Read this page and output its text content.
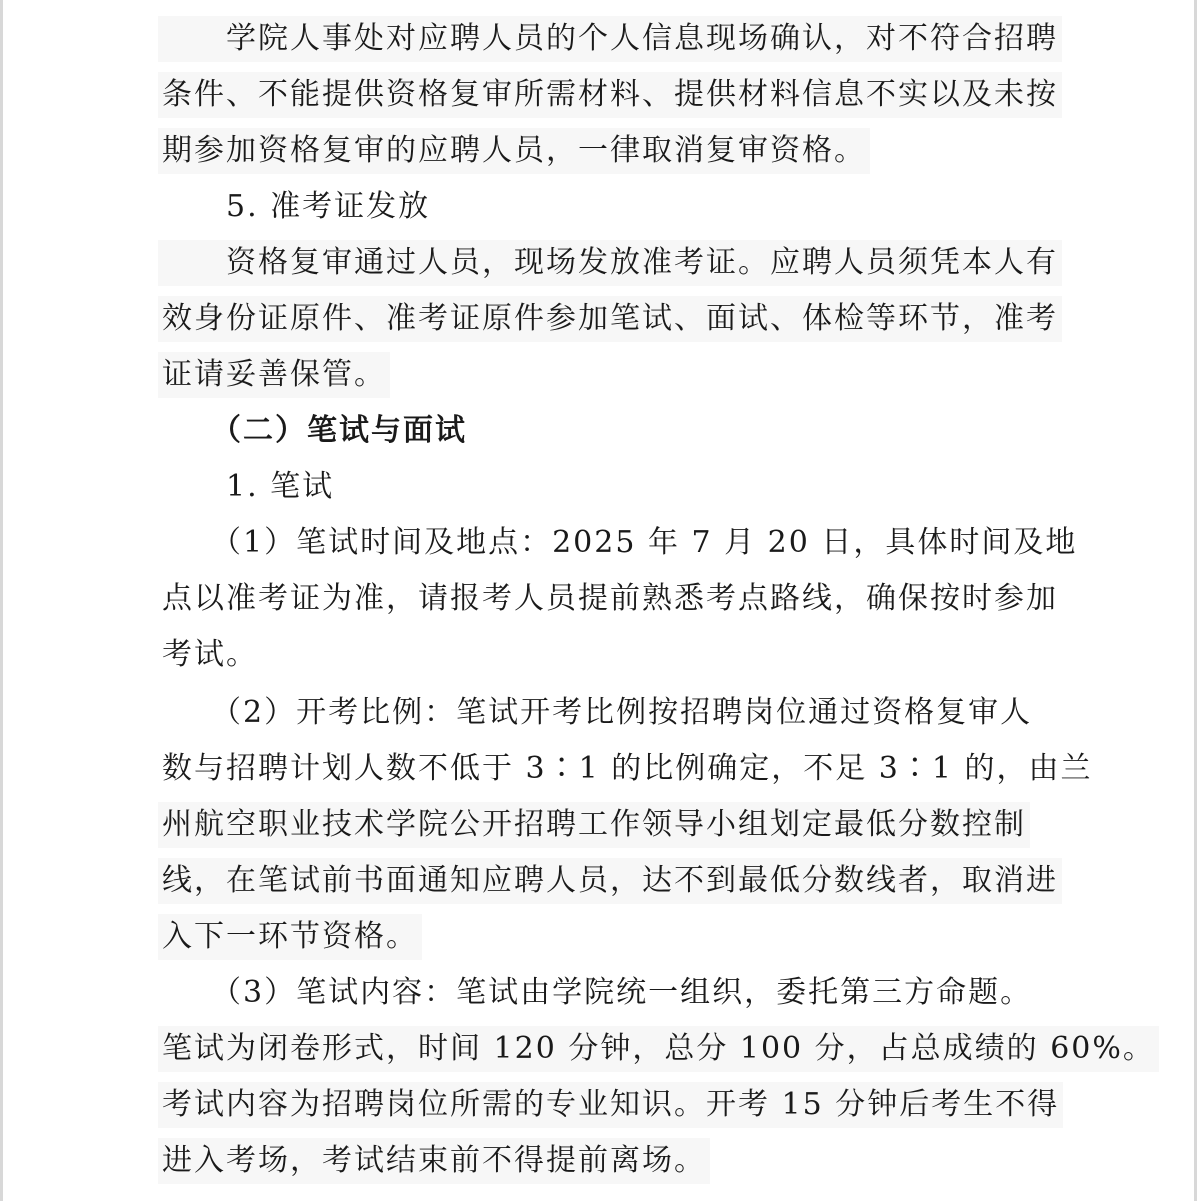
　　学院人事处对应聘人员的个人信息现场确认，对不符合招聘
条件、不能提供资格复审所需材料、提供材料信息不实以及未按
期参加资格复审的应聘人员，一律取消复审资格。
　　5. 准考证发放
　　资格复审通过人员，现场发放准考证。应聘人员须凭本人有
效身份证原件、准考证原件参加笔试、面试、体检等环节，准考
证请妥善保管。
　　（二）笔试与面试
　　1. 笔试
　　（1）笔试时间及地点：2025 年 7 月 20 日，具体时间及地
点以准考证为准，请报考人员提前熟悉考点路线，确保按时参加
考试。
　　（2）开考比例：笔试开考比例按招聘岗位通过资格复审人
数与招聘计划人数不低于 3∶1 的比例确定，不足 3∶1 的，由兰
州航空职业技术学院公开招聘工作领导小组划定最低分数控制
线，在笔试前书面通知应聘人员，达不到最低分数线者，取消进
入下一环节资格。
　　（3）笔试内容：笔试由学院统一组织，委托第三方命题。
笔试为闭卷形式，时间 120 分钟，总分 100 分，占总成绩的 60%。
考试内容为招聘岗位所需的专业知识。开考 15 分钟后考生不得
进入考场，考试结束前不得提前离场。
